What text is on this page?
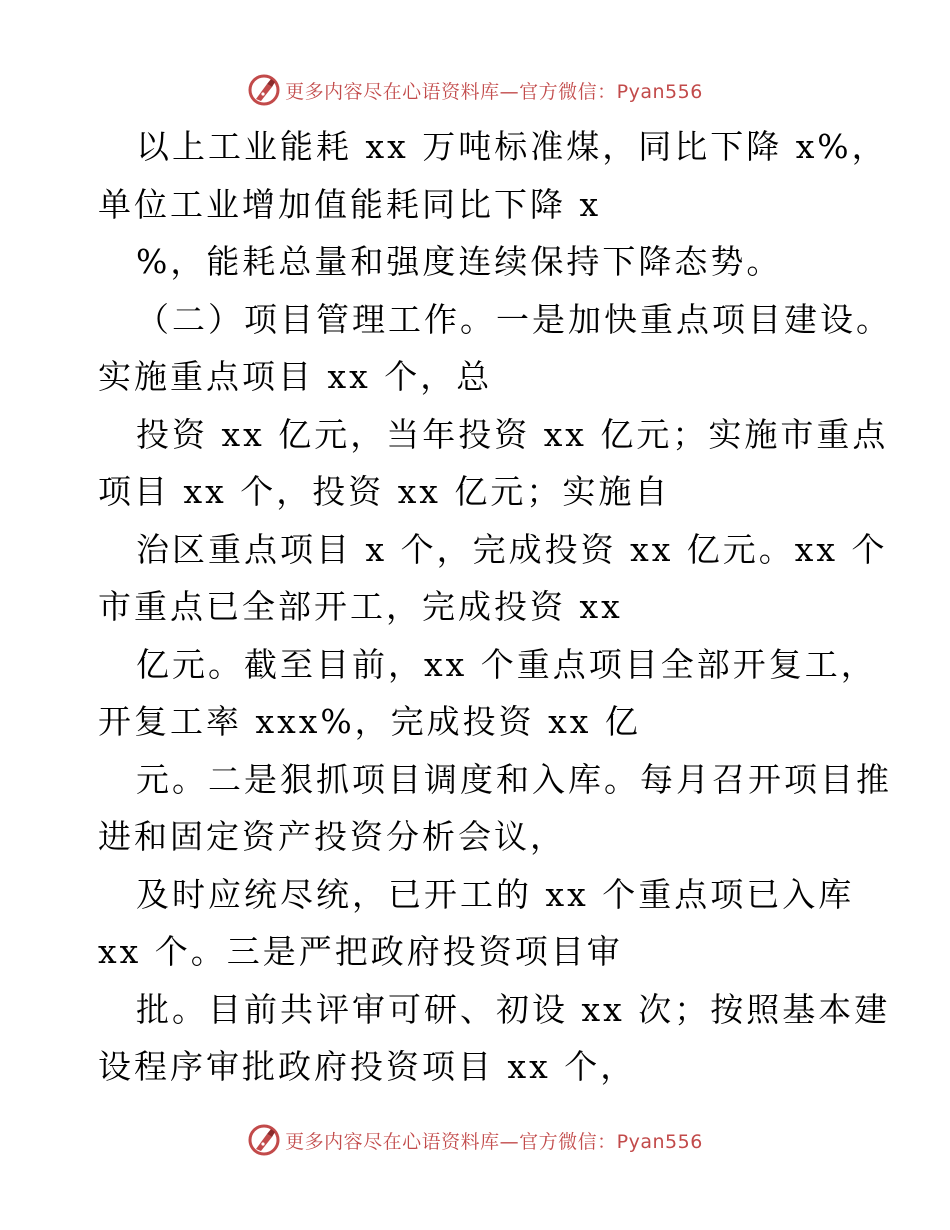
更多内容尽在心语资料库—官方微信：Pyan556
以上工业能耗 xx 万吨标准煤，同比下降 x%，
单位工业增加值能耗同比下降 x
%，能耗总量和强度连续保持下降态势。
（二）项目管理工作。一是加快重点项目建设。
实施重点项目 xx 个，总
投资 xx 亿元，当年投资 xx 亿元；实施市重点
项目 xx 个，投资 xx 亿元；实施自
治区重点项目 x 个，完成投资 xx 亿元。xx 个
市重点已全部开工，完成投资 xx
亿元。截至目前，xx 个重点项目全部开复工，
开复工率 xxx%，完成投资 xx 亿
元。二是狠抓项目调度和入库。每月召开项目推
进和固定资产投资分析会议，
及时应统尽统，已开工的 xx 个重点项已入库
xx 个。三是严把政府投资项目审
批。目前共评审可研、初设 xx 次；按照基本建
设程序审批政府投资项目 xx 个，
更多内容尽在心语资料库—官方微信：Pyan556
